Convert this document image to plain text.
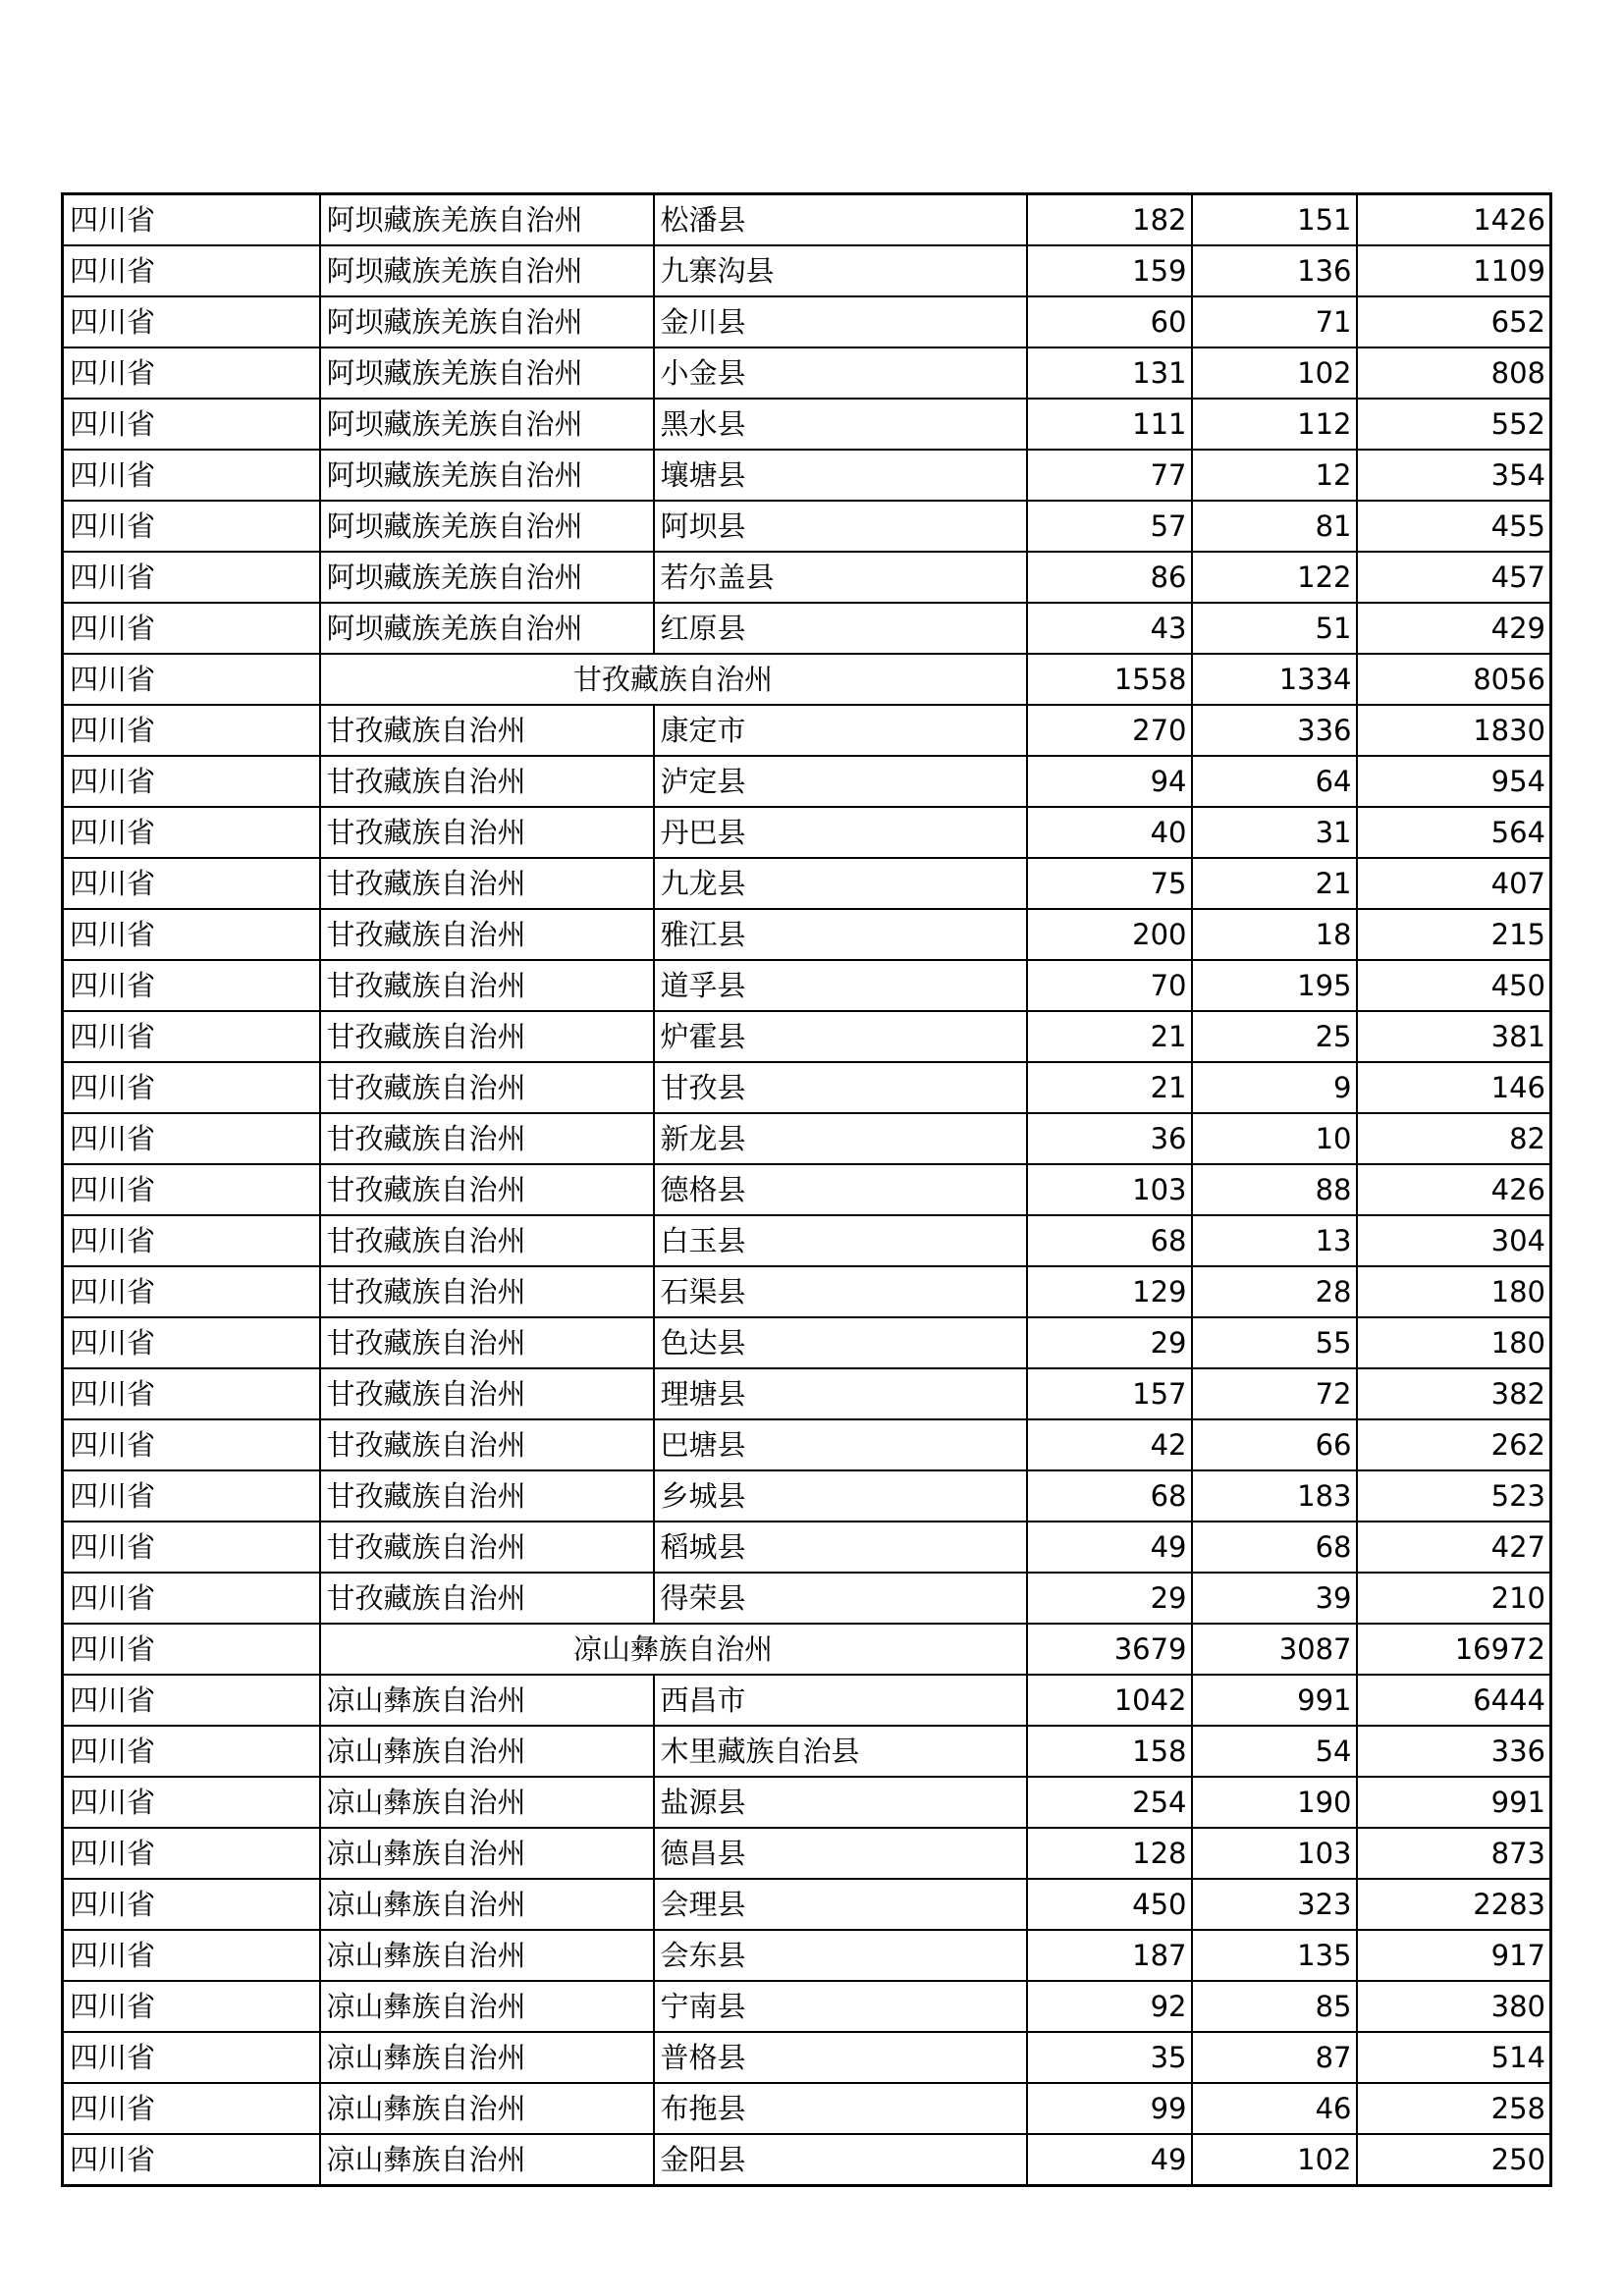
四川省	阿坝藏族羌族自治州	松潘县	182	151	1426
四川省	阿坝藏族羌族自治州	九寨沟县	159	136	1109
四川省	阿坝藏族羌族自治州	金川县	60	71	652
四川省	阿坝藏族羌族自治州	小金县	131	102	808
四川省	阿坝藏族羌族自治州	黑水县	111	112	552
四川省	阿坝藏族羌族自治州	壤塘县	77	12	354
四川省	阿坝藏族羌族自治州	阿坝县	57	81	455
四川省	阿坝藏族羌族自治州	若尔盖县	86	122	457
四川省	阿坝藏族羌族自治州	红原县	43	51	429
四川省	甘孜藏族自治州		1558	1334	8056
四川省	甘孜藏族自治州	康定市	270	336	1830
四川省	甘孜藏族自治州	泸定县	94	64	954
四川省	甘孜藏族自治州	丹巴县	40	31	564
四川省	甘孜藏族自治州	九龙县	75	21	407
四川省	甘孜藏族自治州	雅江县	200	18	215
四川省	甘孜藏族自治州	道孚县	70	195	450
四川省	甘孜藏族自治州	炉霍县	21	25	381
四川省	甘孜藏族自治州	甘孜县	21	9	146
四川省	甘孜藏族自治州	新龙县	36	10	82
四川省	甘孜藏族自治州	德格县	103	88	426
四川省	甘孜藏族自治州	白玉县	68	13	304
四川省	甘孜藏族自治州	石渠县	129	28	180
四川省	甘孜藏族自治州	色达县	29	55	180
四川省	甘孜藏族自治州	理塘县	157	72	382
四川省	甘孜藏族自治州	巴塘县	42	66	262
四川省	甘孜藏族自治州	乡城县	68	183	523
四川省	甘孜藏族自治州	稻城县	49	68	427
四川省	甘孜藏族自治州	得荣县	29	39	210
四川省	凉山彝族自治州		3679	3087	16972
四川省	凉山彝族自治州	西昌市	1042	991	6444
四川省	凉山彝族自治州	木里藏族自治县	158	54	336
四川省	凉山彝族自治州	盐源县	254	190	991
四川省	凉山彝族自治州	德昌县	128	103	873
四川省	凉山彝族自治州	会理县	450	323	2283
四川省	凉山彝族自治州	会东县	187	135	917
四川省	凉山彝族自治州	宁南县	92	85	380
四川省	凉山彝族自治州	普格县	35	87	514
四川省	凉山彝族自治州	布拖县	99	46	258
四川省	凉山彝族自治州	金阳县	49	102	250
